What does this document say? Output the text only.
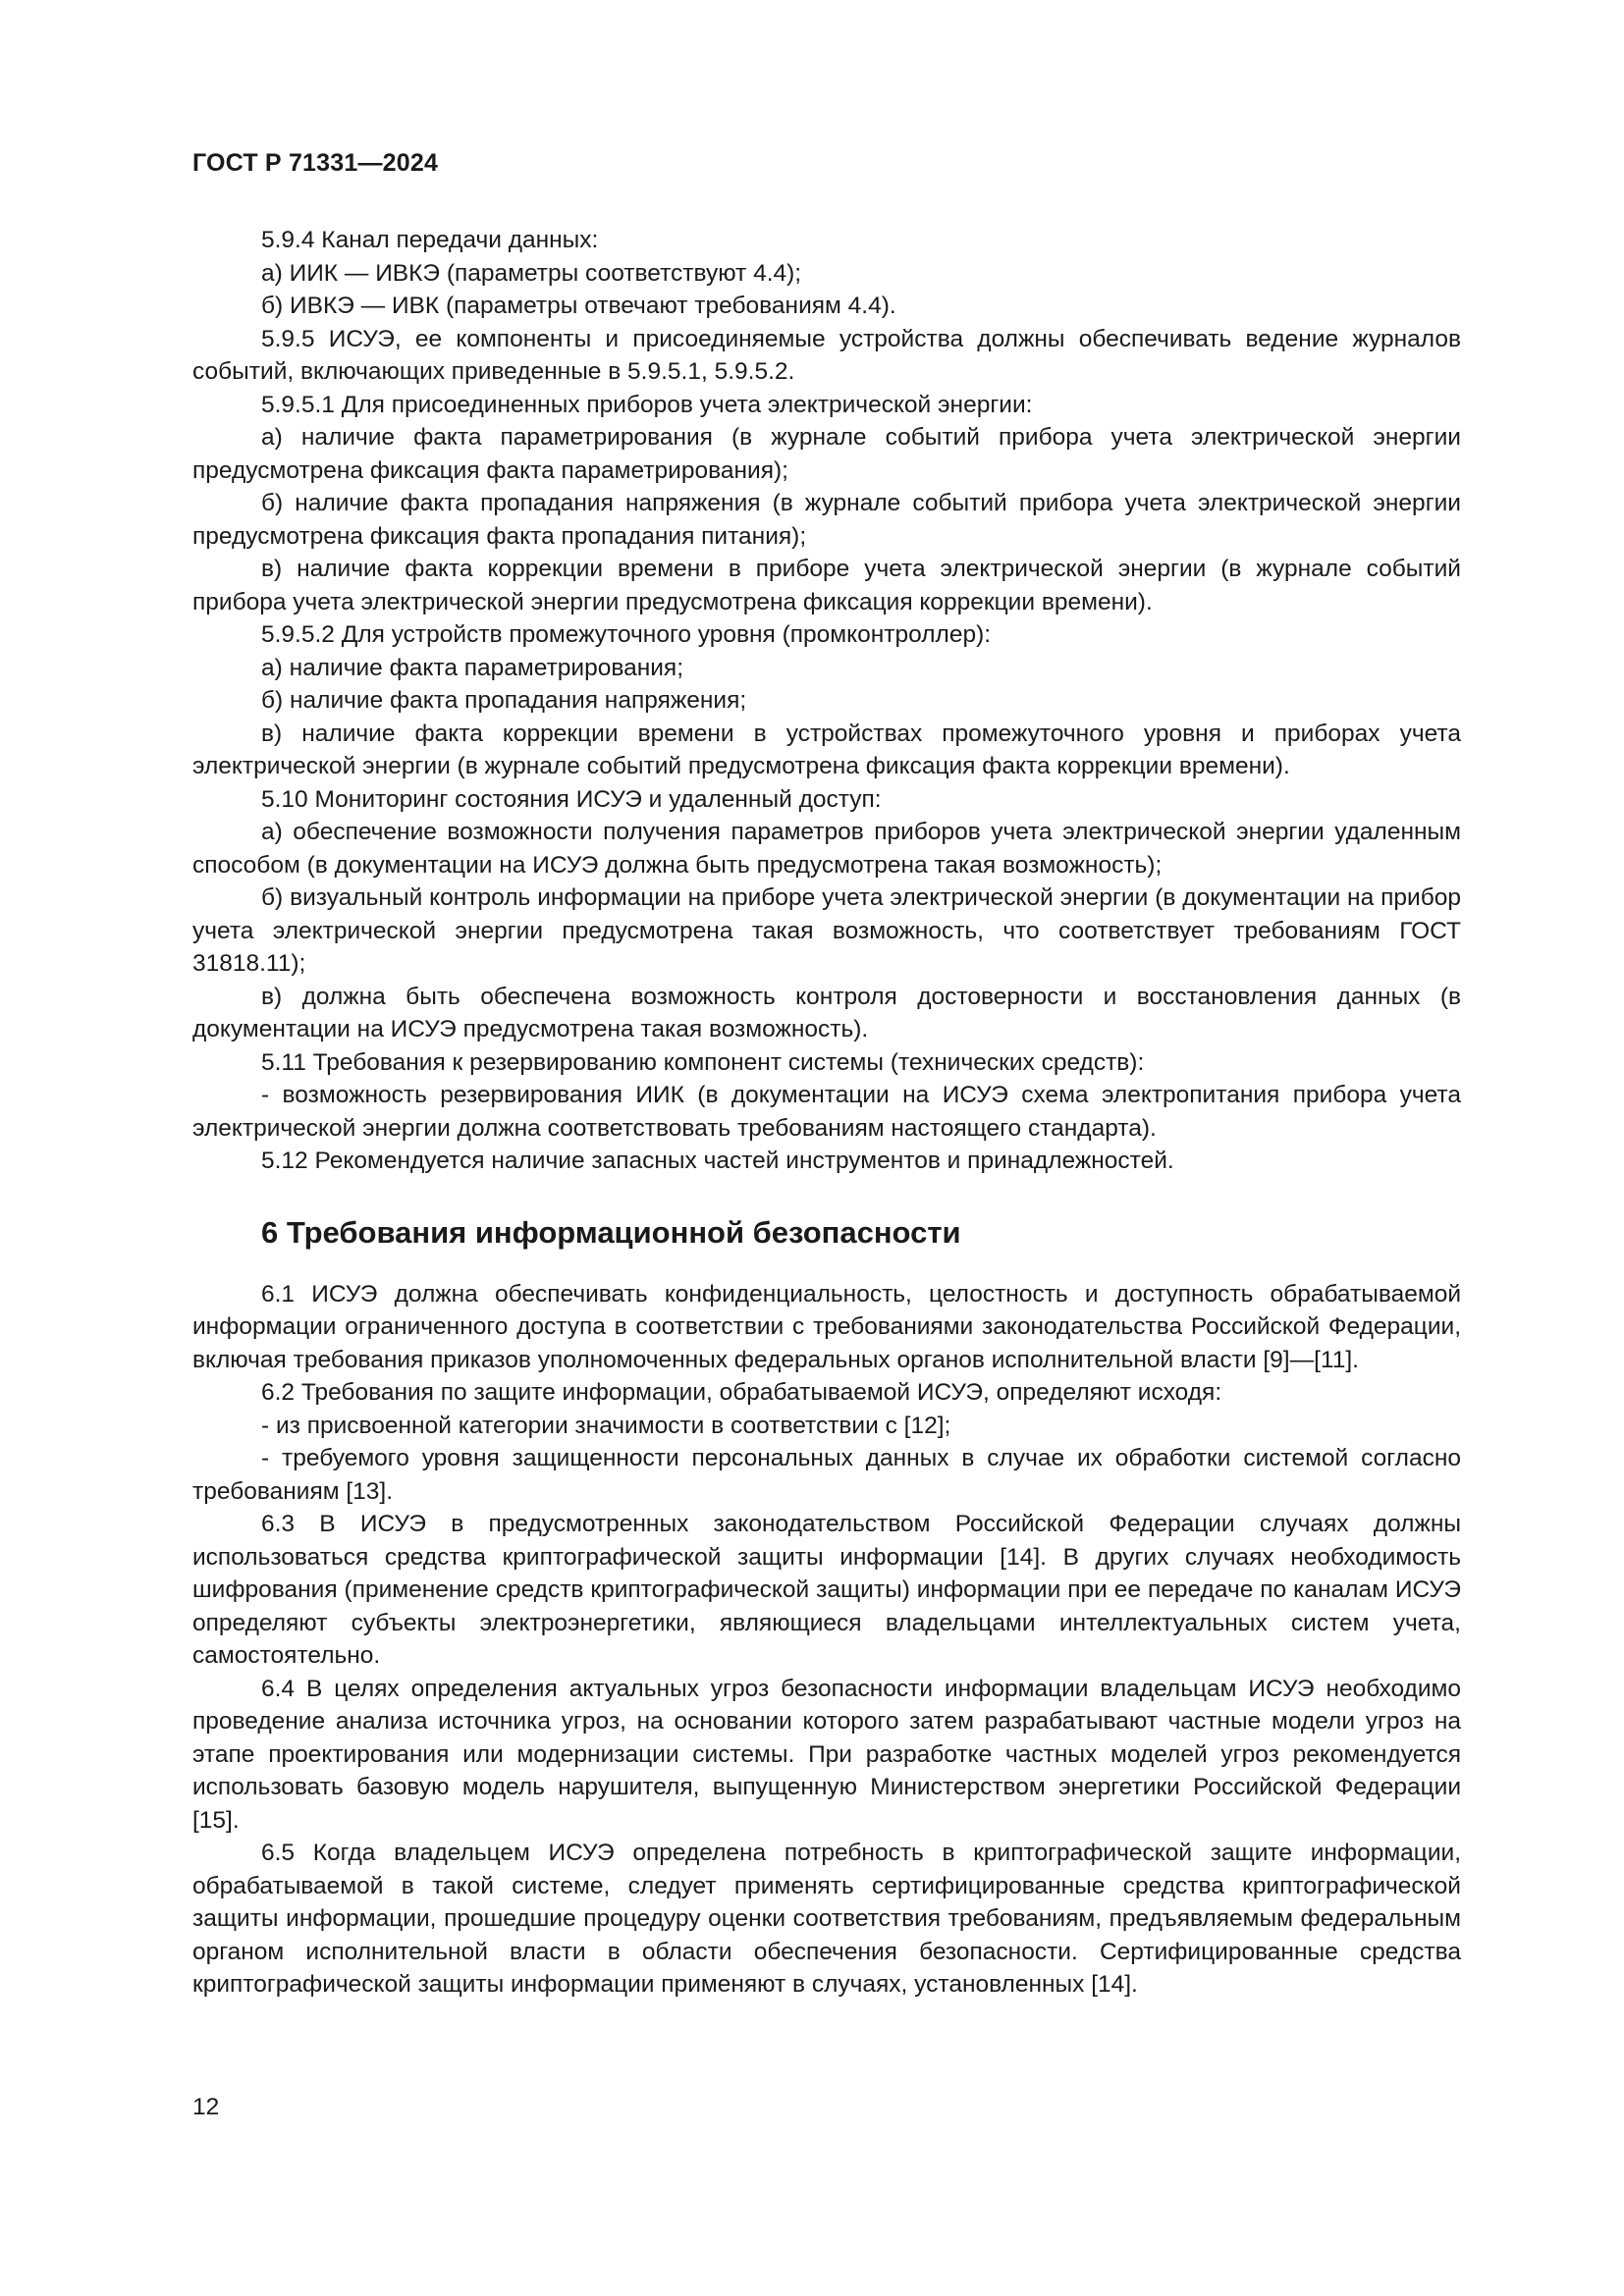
ГОСТ Р 71331—2024

5.9.4 Канал передачи данных:

а) ИИК — ИВКЭ (параметры соответствуют 4.4);

б) ИВКЭ — ИВК (параметры отвечают требованиям 4.4).

5.9.5 ИСУЭ, ее компоненты и присоединяемые устройства должны обеспечивать ведение журналов событий, включающих приведенные в 5.9.5.1, 5.9.5.2.

5.9.5.1 Для присоединенных приборов учета электрической энергии:

а) наличие факта параметрирования (в журнале событий прибора учета электрической энергии предусмотрена фиксация факта параметрирования);

б) наличие факта пропадания напряжения (в журнале событий прибора учета электрической энергии предусмотрена фиксация факта пропадания питания);

в) наличие факта коррекции времени в приборе учета электрической энергии (в журнале событий прибора учета электрической энергии предусмотрена фиксация коррекции времени).

5.9.5.2 Для устройств промежуточного уровня (промконтроллер):

а) наличие факта параметрирования;

б) наличие факта пропадания напряжения;

в) наличие факта коррекции времени в устройствах промежуточного уровня и приборах учета электрической энергии (в журнале событий предусмотрена фиксация факта коррекции времени).

5.10 Мониторинг состояния ИСУЭ и удаленный доступ:

а) обеспечение возможности получения параметров приборов учета электрической энергии удаленным способом (в документации на ИСУЭ должна быть предусмотрена такая возможность);

б) визуальный контроль информации на приборе учета электрической энергии (в документации на прибор учета электрической энергии предусмотрена такая возможность, что соответствует требованиям ГОСТ 31818.11);

в) должна быть обеспечена возможность контроля достоверности и восстановления данных (в документации на ИСУЭ предусмотрена такая возможность).

5.11 Требования к резервированию компонент системы (технических средств):

- возможность резервирования ИИК (в документации на ИСУЭ схема электропитания прибора учета электрической энергии должна соответствовать требованиям настоящего стандарта).

5.12 Рекомендуется наличие запасных частей инструментов и принадлежностей.

6 Требования информационной безопасности

6.1 ИСУЭ должна обеспечивать конфиденциальность, целостность и доступность обрабатываемой информации ограниченного доступа в соответствии с требованиями законодательства Российской Федерации, включая требования приказов уполномоченных федеральных органов исполнительной власти [9]—[11].

6.2 Требования по защите информации, обрабатываемой ИСУЭ, определяют исходя:

- из присвоенной категории значимости в соответствии с [12];

- требуемого уровня защищенности персональных данных в случае их обработки системой согласно требованиям [13].

6.3 В ИСУЭ в предусмотренных законодательством Российской Федерации случаях должны использоваться средства криптографической защиты информации [14]. В других случаях необходимость шифрования (применение средств криптографической защиты) информации при ее передаче по каналам ИСУЭ определяют субъекты электроэнергетики, являющиеся владельцами интеллектуальных систем учета, самостоятельно.

6.4 В целях определения актуальных угроз безопасности информации владельцам ИСУЭ необходимо проведение анализа источника угроз, на основании которого затем разрабатывают частные модели угроз на этапе проектирования или модернизации системы. При разработке частных моделей угроз рекомендуется использовать базовую модель нарушителя, выпущенную Министерством энергетики Российской Федерации [15].

6.5 Когда владельцем ИСУЭ определена потребность в криптографической защите информации, обрабатываемой в такой системе, следует применять сертифицированные средства криптографической защиты информации, прошедшие процедуру оценки соответствия требованиям, предъявляемым федеральным органом исполнительной власти в области обеспечения безопасности. Сертифицированные средства криптографической защиты информации применяют в случаях, установленных [14].

12
